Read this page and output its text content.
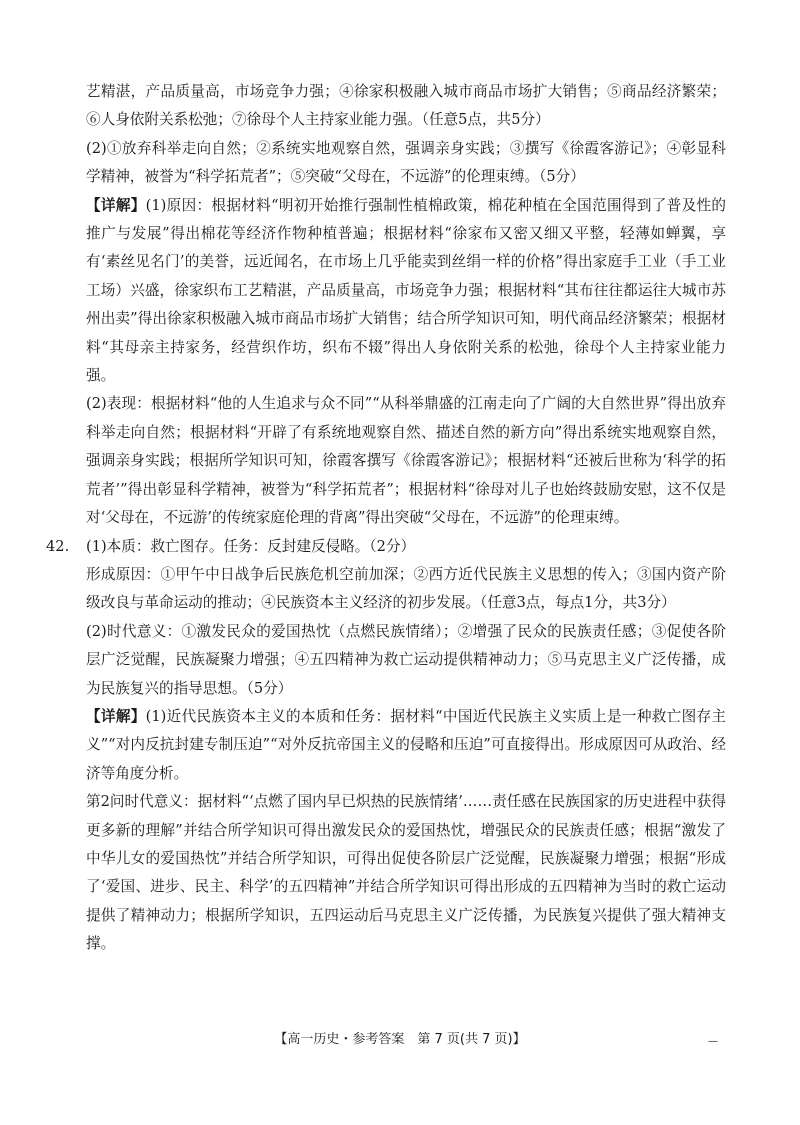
艺精湛，产品质量高，市场竞争力强；④徐家积极融入城市商品市场扩大销售；⑤商品经济繁荣；⑥人身依附关系松弛；⑦徐母个人主持家业能力强。（任意5点，共5分）

(2)①放弃科举走向自然；②系统实地观察自然，强调亲身实践；③撰写《徐霞客游记》；④彰显科学精神，被誉为“科学拓荒者”；⑤突破“父母在，不远游”的伦理束缚。（5分）

【详解】(1)原因：根据材料“明初开始推行强制性植棉政策，棉花种植在全国范围得到了普及性的推广与发展”得出棉花等经济作物种植普遍；根据材料“徐家布又密又细又平整，轻薄如蝉翼，享有‘素丝见名门’的美誉，远近闻名，在市场上几乎能卖到丝绢一样的价格”得出家庭手工业（手工业工场）兴盛，徐家织布工艺精湛，产品质量高，市场竞争力强；根据材料“其布往往都运往大城市苏州出卖”得出徐家积极融入城市商品市场扩大销售；结合所学知识可知，明代商品经济繁荣；根据材料“其母亲主持家务，经营织作坊，织布不辍”得出人身依附关系的松弛，徐母个人主持家业能力强。

(2)表现：根据材料“他的人生追求与众不同”“从科举鼎盛的江南走向了广阔的大自然世界”得出放弃科举走向自然；根据材料“开辟了有系统地观察自然、描述自然的新方向”得出系统实地观察自然，强调亲身实践；根据所学知识可知，徐霞客撰写《徐霞客游记》；根据材料“还被后世称为‘科学的拓荒者’”得出彰显科学精神，被誉为“科学拓荒者”；根据材料“徐母对儿子也始终鼓励安慰，这不仅是对‘父母在，不远游’的传统家庭伦理的背离”得出突破“父母在，不远游”的伦理束缚。

42. (1)本质：救亡图存。任务：反封建反侵略。（2分）

形成原因：①甲午中日战争后民族危机空前加深；②西方近代民族主义思想的传入；③国内资产阶级改良与革命运动的推动；④民族资本主义经济的初步发展。（任意3点，每点1分，共3分）

(2)时代意义：①激发民众的爱国热忱（点燃民族情绪）；②增强了民众的民族责任感；③促使各阶层广泛觉醒，民族凝聚力增强；④五四精神为救亡运动提供精神动力；⑤马克思主义广泛传播，成为民族复兴的指导思想。（5分）

【详解】(1)近代民族资本主义的本质和任务：据材料“中国近代民族主义实质上是一种救亡图存主义”“对内反抗封建专制压迫”“对外反抗帝国主义的侵略和压迫”可直接得出。形成原因可从政治、经济等角度分析。

第2问时代意义：据材料“‘点燃了国内早已炽热的民族情绪’……责任感在民族国家的历史进程中获得更多新的理解”并结合所学知识可得出激发民众的爱国热忱，增强民众的民族责任感；根据“激发了中华儿女的爱国热忱”并结合所学知识，可得出促使各阶层广泛觉醒，民族凝聚力增强；根据“形成了‘爱国、进步、民主、科学’的五四精神”并结合所学知识可得出形成的五四精神为当时的救亡运动提供了精神动力；根据所学知识，五四运动后马克思主义广泛传播，为民族复兴提供了强大精神支撑。

【高一历史・参考答案　第 7 页(共 7 页)】	—
